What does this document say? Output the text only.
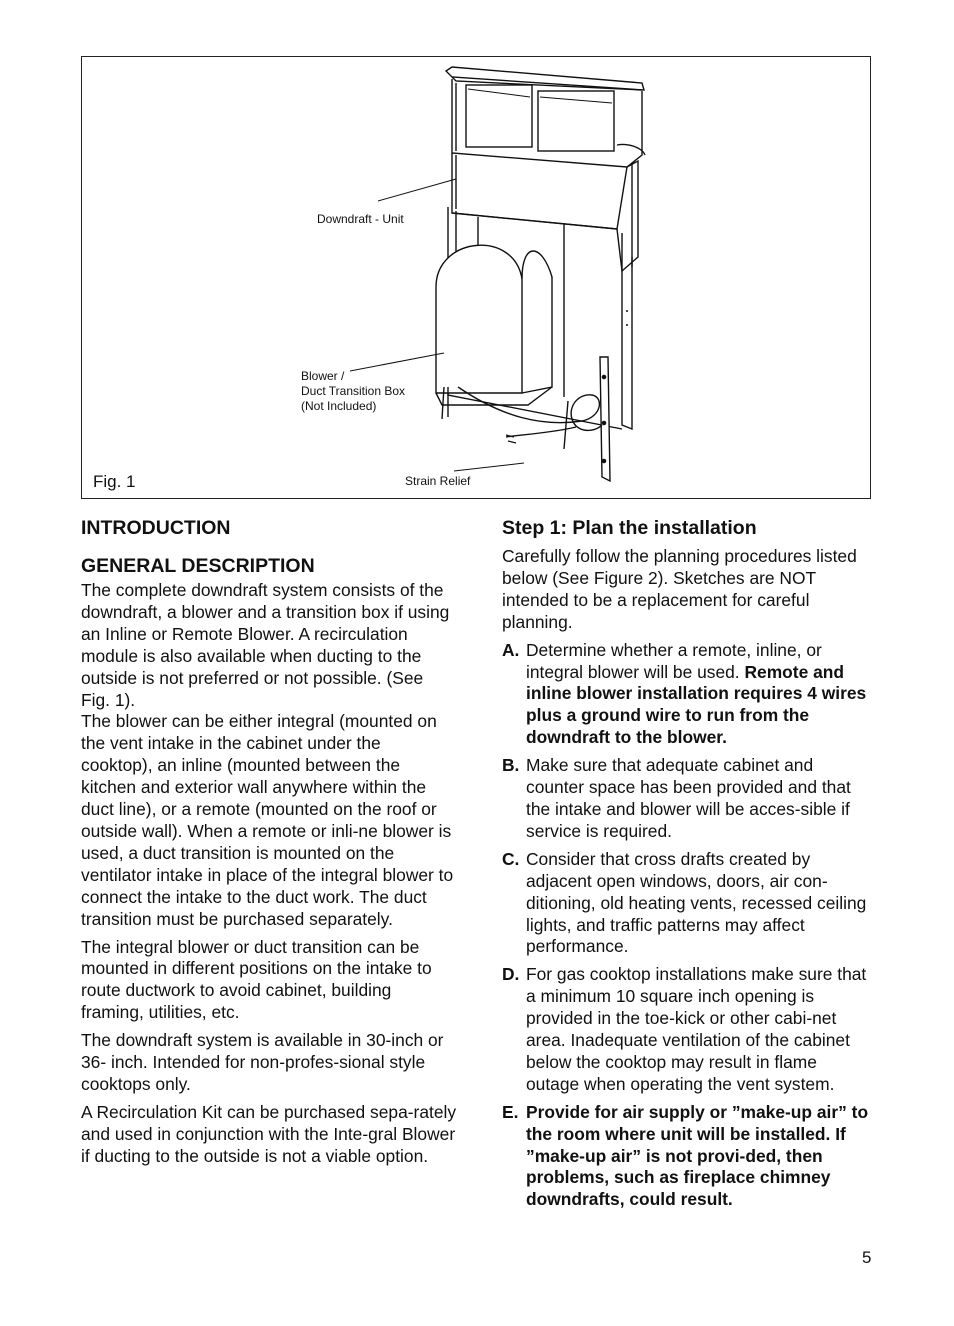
Downdraft - Unit
Blower /
Duct Transition Box
(Not Included)
Strain Relief
Fig. 1
INTRODUCTION
GENERAL DESCRIPTION

The complete downdraft system consists of the downdraft, a blower and a transition box if using an Inline or Remote Blower. A recirculation module is also available when ducting to the outside is not preferred or not possible. (See Fig. 1).

The blower can be either integral (mounted on the vent intake in the cabinet under the cooktop), an inline (mounted between the kitchen and exterior wall anywhere within the duct line), or a remote (mounted on the roof or outside wall). When a remote or inli-ne blower is used, a duct transition is mounted on the ventilator intake in place of the integral blower to connect the intake to the duct work. The duct transition must be purchased separately.

The integral blower or duct transition can be mounted in different positions on the intake to route ductwork to avoid cabinet, building framing, utilities, etc.

The downdraft system is available in 30-inch or 36- inch. Intended for non-profes-sional style cooktops only.

A Recirculation Kit can be purchased sepa-rately and used in conjunction with the Inte-gral Blower if ducting to the outside is not a viable option.

Step 1: Plan the installation

Carefully follow the planning procedures listed below (See Figure 2). Sketches are NOT intended to be a replacement for careful planning.

A. Determine whether a remote, inline, or integral blower will be used. Remote and inline blower installation requires 4 wires plus a ground wire to run from the downdraft to the blower.
B. Make sure that adequate cabinet and counter space has been provided and that the intake and blower will be acces-sible if service is required.
C. Consider that cross drafts created by adjacent open windows, doors, air con-ditioning, old heating vents, recessed ceiling lights, and traffic patterns may affect performance.
D. For gas cooktop installations make sure that a minimum 10 square inch opening is provided in the toe-kick or other cabi-net area. Inadequate ventilation of the cabinet below the cooktop may result in flame outage when operating the vent system.
E. Provide for air supply or ”make-up air” to the room where unit will be installed. If ”make-up air” is not provi-ded, then problems, such as fireplace chimney downdrafts, could result.
5
